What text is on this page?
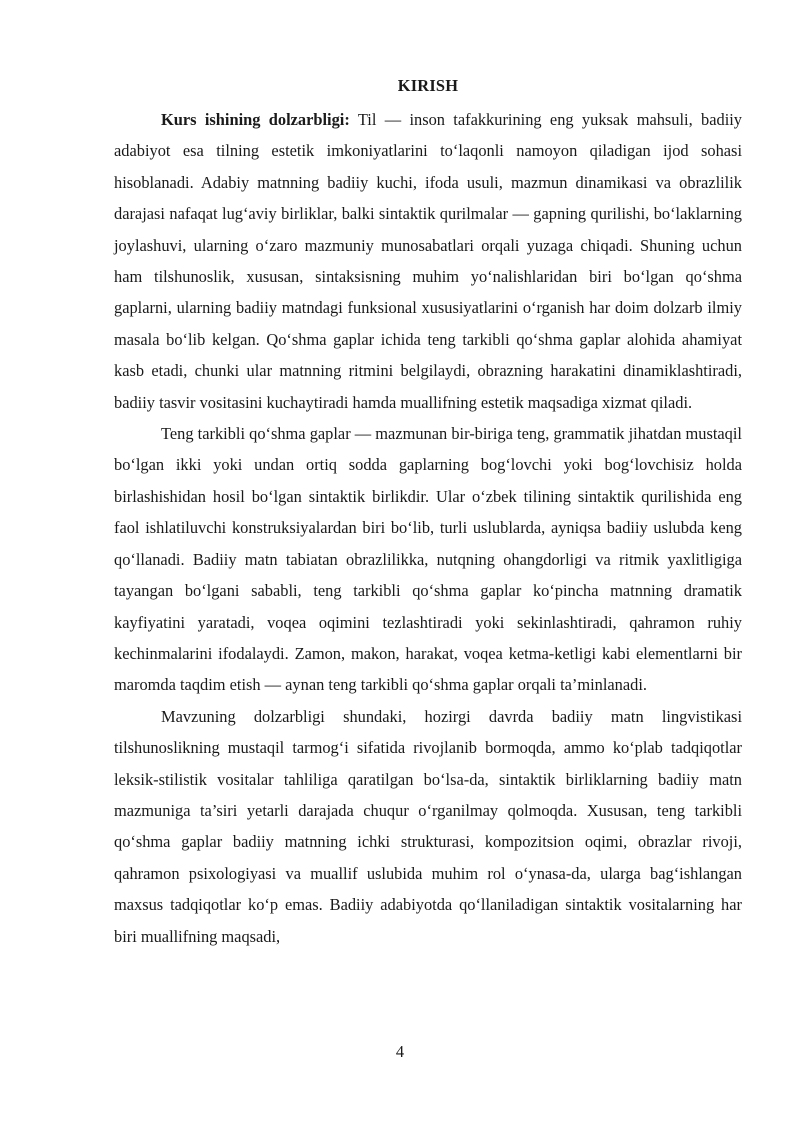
KIRISH

Kurs ishining dolzarbligi: Til — inson tafakkurining eng yuksak mahsuli, badiiy adabiyot esa tilning estetik imkoniyatlarini to‘laqonli namoyon qiladigan ijod sohasi hisoblanadi. Adabiy matnning badiiy kuchi, ifoda usuli, mazmun dinamikasi va obrazlilik darajasi nafaqat lug‘aviy birliklar, balki sintaktik qurilmalar — gapning qurilishi, bo‘laklarning joylashuvi, ularning o‘zaro mazmuniy munosabatlari orqali yuzaga chiqadi. Shuning uchun ham tilshunoslik, xususan, sintaksisning muhim yo‘nalishlaridan biri bo‘lgan qo‘shma gaplarni, ularning badiiy matndagi funksional xususiyatlarini o‘rganish har doim dolzarb ilmiy masala bo‘lib kelgan. Qo‘shma gaplar ichida teng tarkibli qo‘shma gaplar alohida ahamiyat kasb etadi, chunki ular matnning ritmini belgilaydi, obrazning harakatini dinamiklashtiradi, badiiy tasvir vositasini kuchaytiradi hamda muallifning estetik maqsadiga xizmat qiladi.

Teng tarkibli qo‘shma gaplar — mazmunan bir-biriga teng, grammatik jihatdan mustaqil bo‘lgan ikki yoki undan ortiq sodda gaplarning bog‘lovchi yoki bog‘lovchisiz holda birlashishidan hosil bo‘lgan sintaktik birlikdir. Ular o‘zbek tilining sintaktik qurilishida eng faol ishlatiluvchi konstruksiyalardan biri bo‘lib, turli uslublarda, ayniqsa badiiy uslubda keng qo‘llanadi. Badiiy matn tabiatan obrazlilikka, nutqning ohangdorligi va ritmik yaxlitligiga tayangan bo‘lgani sababli, teng tarkibli qo‘shma gaplar ko‘pincha matnning dramatik kayfiyatini yaratadi, voqea oqimini tezlashtiradi yoki sekinlashtiradi, qahramon ruhiy kechinmalarini ifodalaydi. Zamon, makon, harakat, voqea ketma-ketligi kabi elementlarni bir maromda taqdim etish — aynan teng tarkibli qo‘shma gaplar orqali ta’minlanadi.

Mavzuning dolzarbligi shundaki, hozirgi davrda badiiy matn lingvistikasi tilshunoslikning mustaqil tarmog‘i sifatida rivojlanib bormoqda, ammo ko‘plab tadqiqotlar leksik-stilistik vositalar tahliliga qaratilgan bo‘lsa-da, sintaktik birliklarning badiiy matn mazmuniga ta’siri yetarli darajada chuqur o‘rganilmay qolmoqda. Xususan, teng tarkibli qo‘shma gaplar badiiy matnning ichki strukturasi, kompozitsion oqimi, obrazlar rivoji, qahramon psixologiyasi va muallif uslubida muhim rol o‘ynasa-da, ularga bag‘ishlangan maxsus tadqiqotlar ko‘p emas. Badiiy adabiyotda qo‘llaniladigan sintaktik vositalarning har biri muallifning maqsadi,

4
